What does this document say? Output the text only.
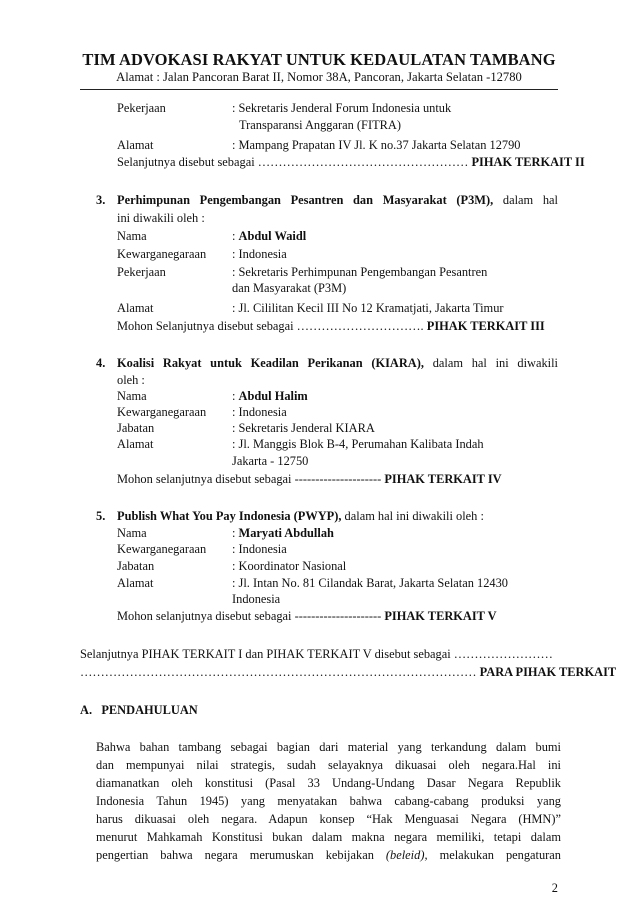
TIM ADVOKASI RAKYAT UNTUK KEDAULATAN TAMBANG

Alamat : Jalan Pancoran Barat II, Nomor 38A, Pancoran, Jakarta Selatan -12780

Pekerjaan	: Sekretaris Jenderal Forum Indonesia untuk
Transparansi Anggaran (FITRA)
Alamat	: Mampang Prapatan IV Jl. K no.37 Jakarta Selatan 12790
Selanjutnya disebut sebagai …………………………………………… PIHAK TERKAIT II
3. Perhimpunan Pengembangan Pesantren dan Masyarakat (P3M), dalam hal
ini diwakili oleh :
Nama	: Abdul Waidl
Kewarganegaraan : Indonesia
Pekerjaan	: Sekretaris Perhimpunan Pengembangan Pesantren
dan Masyarakat (P3M)
Alamat	: Jl. Cililitan Kecil III No 12 Kramatjati, Jakarta Timur
Mohon Selanjutnya disebut sebagai …………………………. PIHAK TERKAIT III
4. Koalisi Rakyat untuk Keadilan Perikanan (KIARA), dalam hal ini diwakili
oleh :
Nama	: Abdul Halim
Kewarganegaraan : Indonesia
Jabatan	: Sekretaris Jenderal KIARA
Alamat	: Jl. Manggis Blok B-4, Perumahan Kalibata Indah
Jakarta - 12750
Mohon selanjutnya disebut sebagai --------------------- PIHAK TERKAIT IV
5. Publish What You Pay Indonesia (PWYP), dalam hal ini diwakili oleh :
Nama	: Maryati Abdullah
Kewarganegaraan : Indonesia
Jabatan	: Koordinator Nasional
Alamat	: Jl. Intan No. 81 Cilandak Barat, Jakarta Selatan 12430
Indonesia
Mohon selanjutnya disebut sebagai --------------------- PIHAK TERKAIT V
Selanjutnya PIHAK TERKAIT I dan PIHAK TERKAIT V disebut sebagai ……………………
…………………………………………………………………………………… PARA PIHAK TERKAIT
A.   PENDAHULUAN
Bahwa bahan tambang sebagai bagian dari material yang terkandung dalam bumi
dan mempunyai nilai strategis, sudah selayaknya dikuasai oleh negara.Hal ini
diamanatkan oleh konstitusi (Pasal 33 Undang-Undang Dasar Negara Republik
Indonesia Tahun 1945) yang menyatakan bahwa cabang-cabang produksi yang
harus dikuasai oleh negara. Adapun konsep “Hak Menguasai Negara (HMN)”
menurut Mahkamah Konstitusi bukan dalam makna negara memiliki, tetapi dalam
pengertian bahwa negara merumuskan kebijakan (beleid), melakukan pengaturan
2
